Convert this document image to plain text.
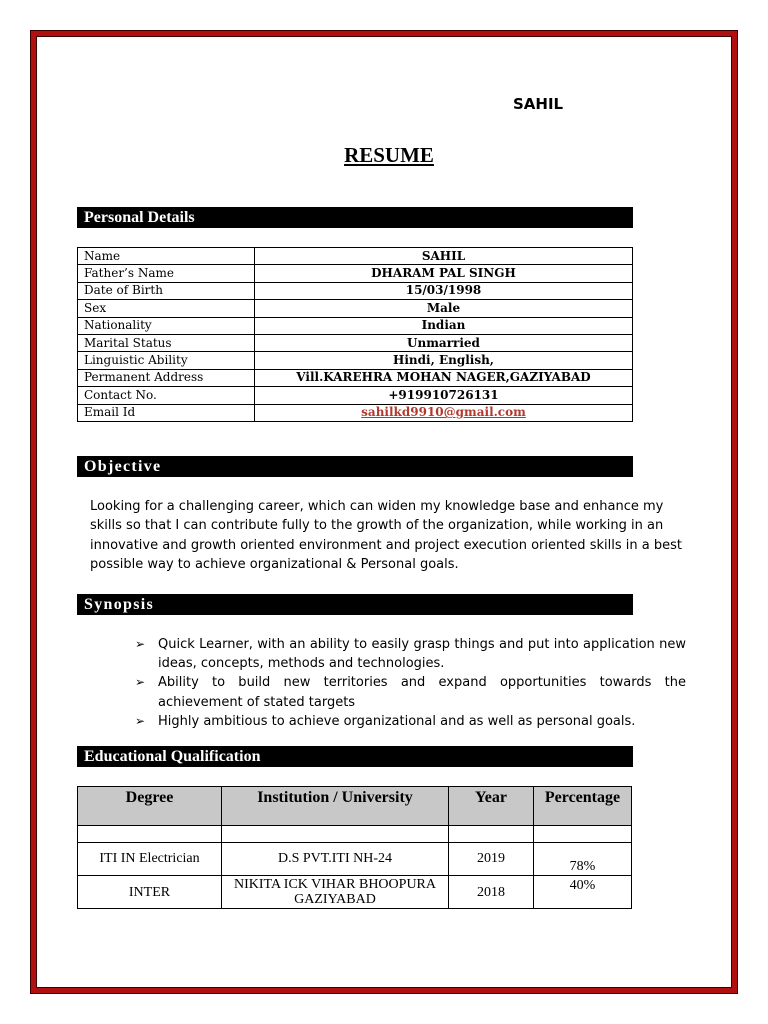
SAHIL
RESUME
Personal Details
Name	SAHIL
Father’s Name	DHARAM PAL SINGH
Date of Birth	15/03/1998
Sex	Male
Nationality	Indian
Marital Status	Unmarried
Linguistic Ability	Hindi, English,
Permanent Address	Vill.KAREHRA MOHAN NAGER,GAZIYABAD
Contact No.	+919910726131
Email Id	sahilkd9910@gmail.com
Objective
Looking for a challenging career, which can widen my knowledge base and enhance my skills so that I can contribute fully to the growth of the organization, while working in an innovative and growth oriented environment and project execution oriented skills in a best possible way to achieve organizational & Personal goals.
Synopsis
➢ Quick Learner, with an ability to easily grasp things and put into application new ideas, concepts, methods and technologies.
➢ Ability to build new territories and expand opportunities towards the achievement of stated targets
➢ Highly ambitious to achieve organizational and as well as personal goals.
Educational Qualification
Degree	Institution / University	Year	Percentage

ITI IN Electrician	D.S PVT.ITI NH-24	2019	78%
INTER	NIKITA ICK VIHAR BHOOPURA GAZIYABAD	2018	40%
